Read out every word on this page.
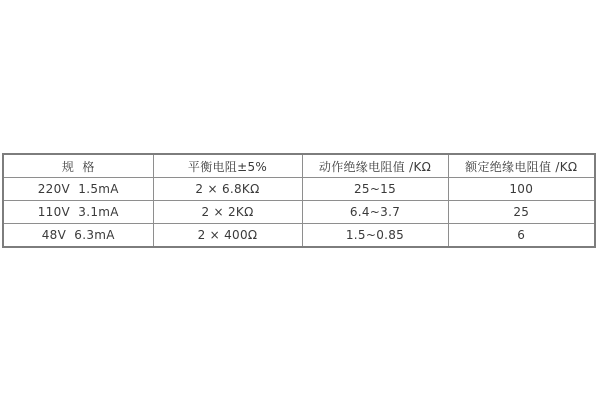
规  格	平衡电阻±5%	动作绝缘电阻值 /KΩ	额定绝缘电阻值 /KΩ
220V  1.5mA	2 × 6.8KΩ	25~15	100
110V  3.1mA	2 × 2KΩ	6.4~3.7	25
48V  6.3mA	2 × 400Ω	1.5~0.85	6
